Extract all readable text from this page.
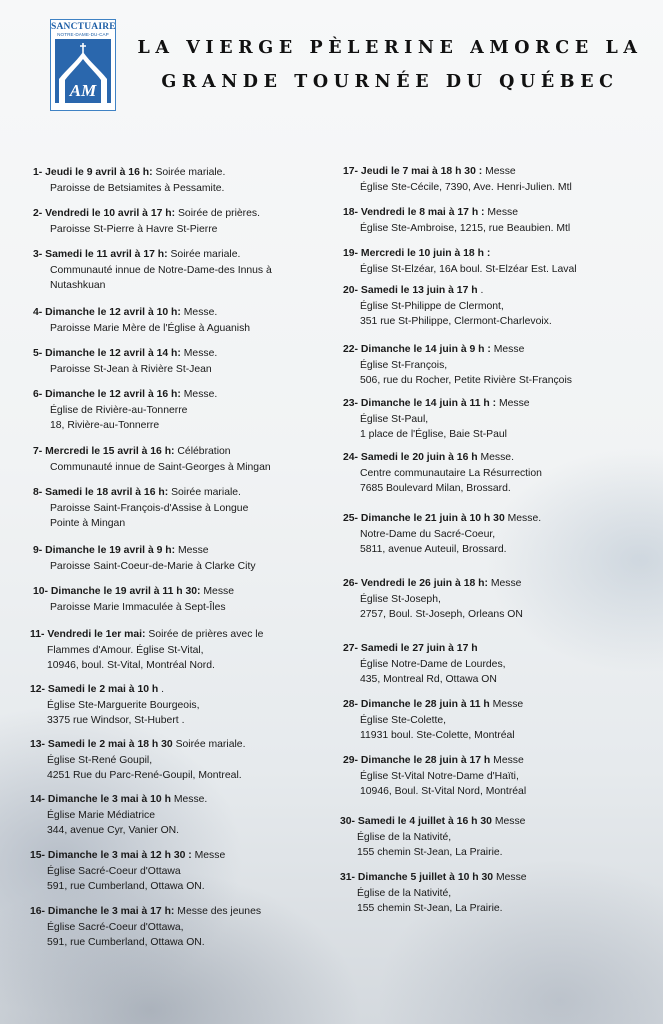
SANCTUAIRE
NOTRE-DAME-DU-CAP
AM
LA VIERGE PÈLERINE AMORCE LA
GRANDE TOURNÉE DU QUÉBEC
1- Jeudi le 9 avril à 16 h: Soirée mariale.
Paroisse de Betsiamites à Pessamite.
2- Vendredi le 10 avril à 17 h: Soirée de prières.
Paroisse St-Pierre à Havre St-Pierre
3- Samedi le 11 avril à 17 h: Soirée mariale.
Communauté innue de Notre-Dame-des Innus à
Nutashkuan
4- Dimanche le 12 avril à 10 h: Messe.
Paroisse Marie Mère de l'Église à Aguanish
5- Dimanche le 12 avril à 14 h: Messe.
Paroisse St-Jean à Rivière St-Jean
6- Dimanche le 12 avril à 16 h: Messe.
Église de Rivière-au-Tonnerre
18, Rivière-au-Tonnerre
7- Mercredi le 15 avril à 16 h: Célébration
Communauté innue de Saint-Georges à Mingan
8- Samedi le 18 avril à 16 h: Soirée mariale.
Paroisse Saint-François-d'Assise à Longue
Pointe à Mingan
9- Dimanche le 19 avril à 9 h: Messe
Paroisse Saint-Coeur-de-Marie à Clarke City
10- Dimanche le 19 avril à 11 h 30: Messe
Paroisse Marie Immaculée à Sept-Îles
11- Vendredi le 1er mai: Soirée de prières avec le
Flammes d'Amour. Église St-Vital,
10946, boul. St-Vital, Montréal Nord.
12- Samedi le 2 mai à 10 h .
Église Ste-Marguerite Bourgeois,
3375 rue Windsor, St-Hubert .
13- Samedi le 2 mai à 18 h 30 Soirée mariale.
Église St-René Goupil,
4251 Rue du Parc-René-Goupil, Montreal.
14- Dimanche le 3 mai à 10 h Messe.
Église Marie Médiatrice
344, avenue Cyr, Vanier ON.
15- Dimanche le 3 mai à 12 h 30 : Messe
Église Sacré-Coeur d'Ottawa
591, rue Cumberland, Ottawa ON.
16- Dimanche le 3 mai à 17 h: Messe des jeunes
Église Sacré-Coeur d'Ottawa,
591, rue Cumberland, Ottawa ON.
17- Jeudi le 7 mai à 18 h 30 : Messe
Église Ste-Cécile, 7390, Ave. Henri-Julien. Mtl
18- Vendredi le 8 mai à 17 h : Messe
Église Ste-Ambroise, 1215, rue Beaubien. Mtl
19- Mercredi le 10 juin à 18 h :
Église St-Elzéar, 16A boul. St-Elzéar Est. Laval
20- Samedi le 13 juin à 17 h .
Église St-Philippe de Clermont,
351 rue St-Philippe, Clermont-Charlevoix.
22- Dimanche le 14 juin à 9 h : Messe
Église St-François,
506, rue du Rocher, Petite Rivière St-François
23- Dimanche le 14 juin à 11 h : Messe
Église St-Paul,
1 place de l'Église, Baie St-Paul
24- Samedi le 20 juin à 16 h Messe.
Centre communautaire La Résurrection
7685 Boulevard Milan, Brossard.
25- Dimanche le 21 juin à 10 h 30 Messe.
Notre-Dame du Sacré-Coeur,
5811, avenue Auteuil, Brossard.
26- Vendredi le 26 juin à 18 h: Messe
Église St-Joseph,
2757, Boul. St-Joseph, Orleans ON
27- Samedi le 27 juin à 17 h
Église Notre-Dame de Lourdes,
435, Montreal Rd, Ottawa ON
28- Dimanche le 28 juin à 11 h Messe
Église Ste-Colette,
11931 boul. Ste-Colette, Montréal
29- Dimanche le 28 juin à 17 h Messe
Église St-Vital Notre-Dame d'Haïti,
10946, Boul. St-Vital Nord, Montréal
30- Samedi le 4 juillet à 16 h 30 Messe
Église de la Nativité,
155 chemin St-Jean, La Prairie.
31- Dimanche 5 juillet à 10 h 30 Messe
Église de la Nativité,
155 chemin St-Jean, La Prairie.
